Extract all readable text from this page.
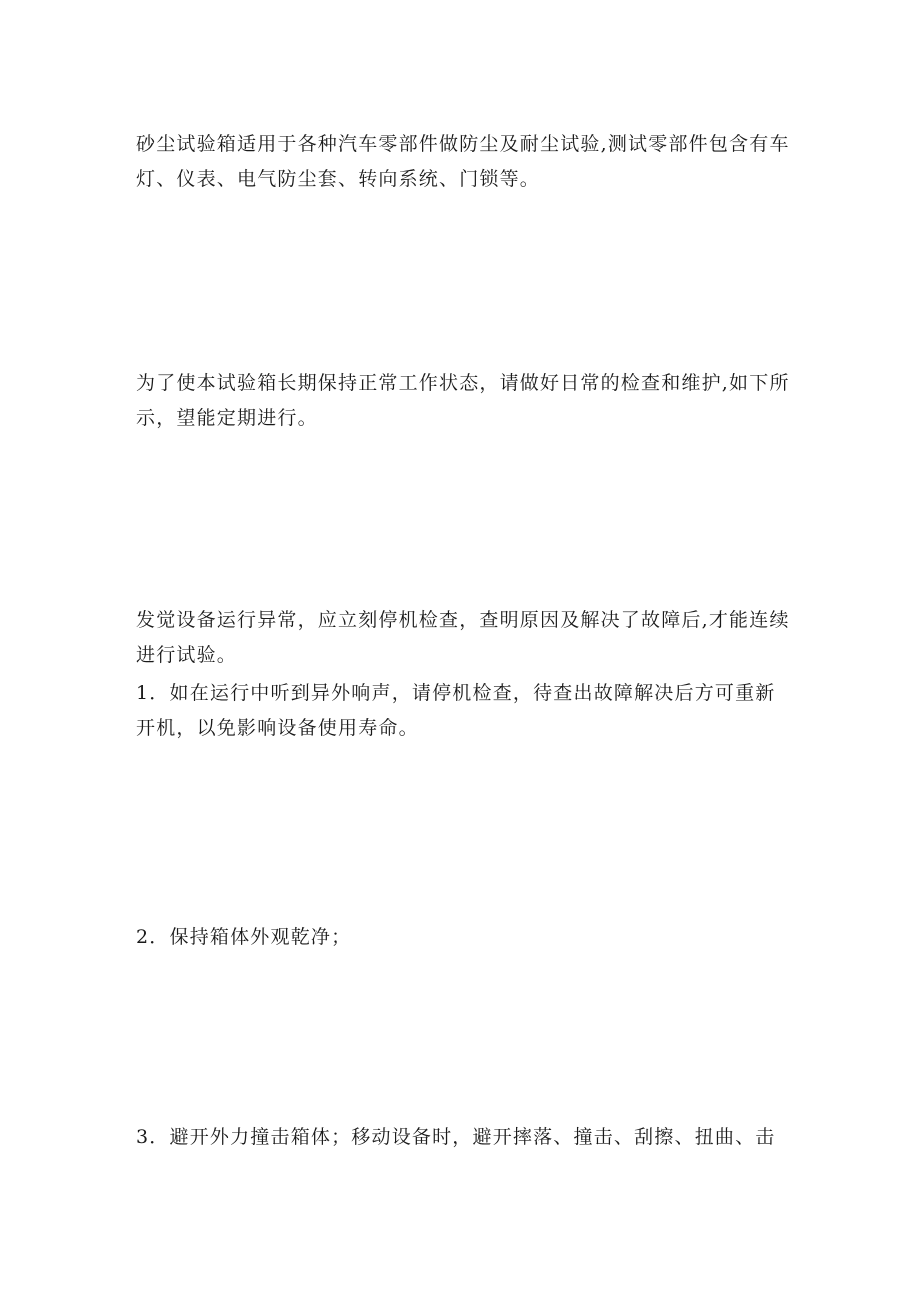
砂尘试验箱适用于各种汽车零部件做防尘及耐尘试验,测试零部件包含有车
灯、仪表、电气防尘套、转向系统、门锁等。

为了使本试验箱长期保持正常工作状态，请做好日常的检查和维护,如下所
示，望能定期进行。

发觉设备运行异常，应立刻停机检查，查明原因及解决了故障后,才能连续
进行试验。

1．如在运行中听到异外响声，请停机检查，待查出故障解决后方可重新
开机，以免影响设备使用寿命。

2．保持箱体外观乾净；

3．避开外力撞击箱体；移动设备时，避开摔落、撞击、刮擦、扭曲、击
